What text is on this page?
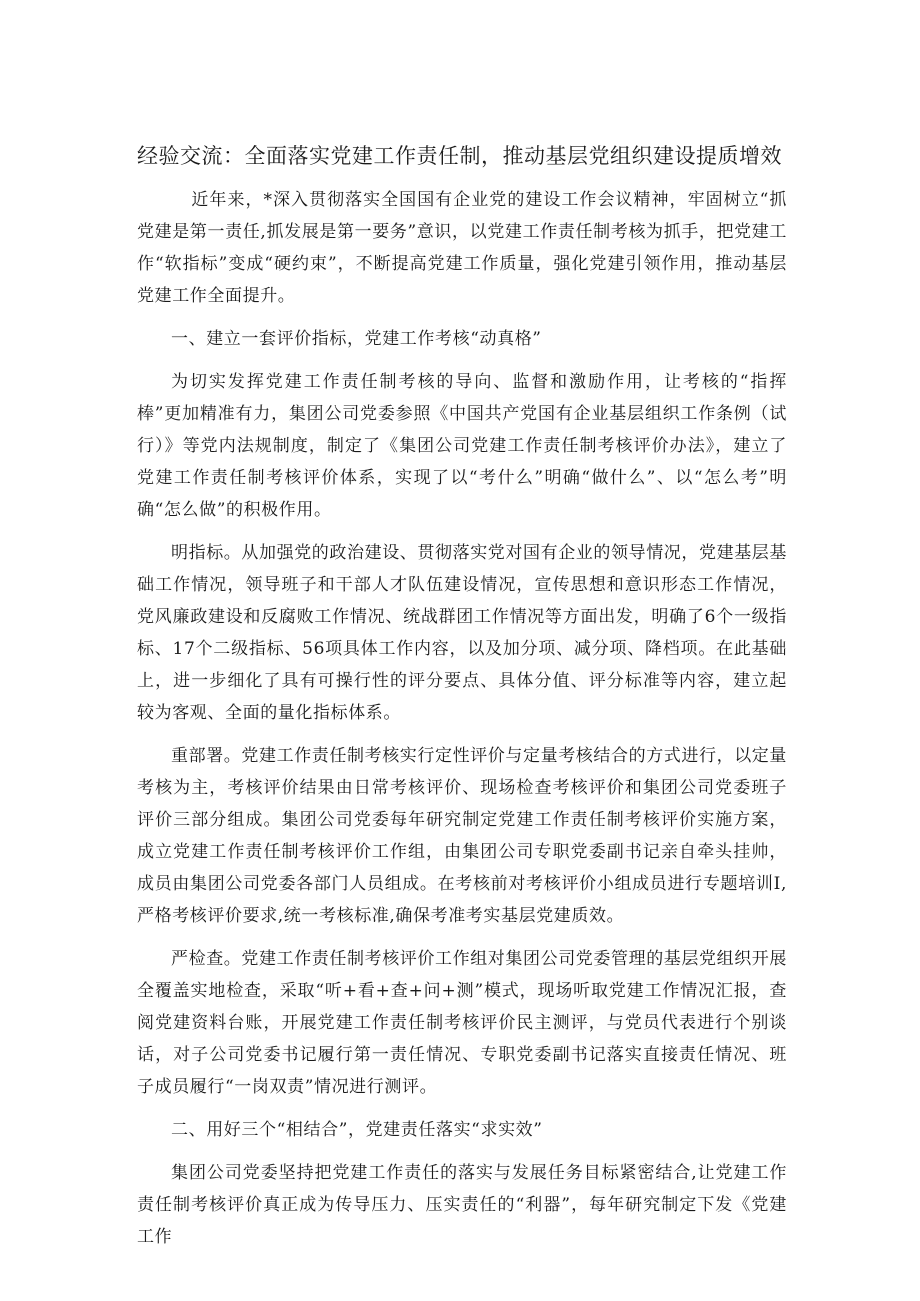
经验交流：全面落实党建工作责任制，推动基层党组织建设提质增效

近年来，*深入贯彻落实全国国有企业党的建设工作会议精神，牢固树立“抓党建是第一责任,抓发展是第一要务”意识，以党建工作责任制考核为抓手，把党建工作“软指标”变成“硬约束”，不断提高党建工作质量，强化党建引领作用，推动基层党建工作全面提升。

一、建立一套评价指标，党建工作考核“动真格”

为切实发挥党建工作责任制考核的导向、监督和激励作用，让考核的“指挥棒”更加精准有力，集团公司党委参照《中国共产党国有企业基层组织工作条例（试行）》等党内法规制度，制定了《集团公司党建工作责任制考核评价办法》，建立了党建工作责任制考核评价体系，实现了以“考什么”明确“做什么”、以“怎么考”明确“怎么做”的积极作用。

明指标。从加强党的政治建设、贯彻落实党对国有企业的领导情况，党建基层基础工作情况，领导班子和干部人才队伍建设情况，宣传思想和意识形态工作情况，党风廉政建设和反腐败工作情况、统战群团工作情况等方面出发，明确了6个一级指标、17个二级指标、56项具体工作内容，以及加分项、减分项、降档项。在此基础上，进一步细化了具有可操行性的评分要点、具体分值、评分标准等内容，建立起较为客观、全面的量化指标体系。

重部署。党建工作责任制考核实行定性评价与定量考核结合的方式进行，以定量考核为主，考核评价结果由日常考核评价、现场检查考核评价和集团公司党委班子评价三部分组成。集团公司党委每年研究制定党建工作责任制考核评价实施方案，成立党建工作责任制考核评价工作组，由集团公司专职党委副书记亲自牵头挂帅，成员由集团公司党委各部门人员组成。在考核前对考核评价小组成员进行专题培训Ⅰ,严格考核评价要求,统一考核标准,确保考准考实基层党建质效。

严检查。党建工作责任制考核评价工作组对集团公司党委管理的基层党组织开展全覆盖实地检查，采取“听+看+查+问+测”模式，现场听取党建工作情况汇报，查阅党建资料台账，开展党建工作责任制考核评价民主测评，与党员代表进行个别谈话，对子公司党委书记履行第一责任情况、专职党委副书记落实直接责任情况、班子成员履行“一岗双责”情况进行测评。

二、用好三个“相结合”，党建责任落实“求实效”

集团公司党委坚持把党建工作责任的落实与发展任务目标紧密结合,让党建工作责任制考核评价真正成为传导压力、压实责任的“利器”，每年研究制定下发《党建工作
